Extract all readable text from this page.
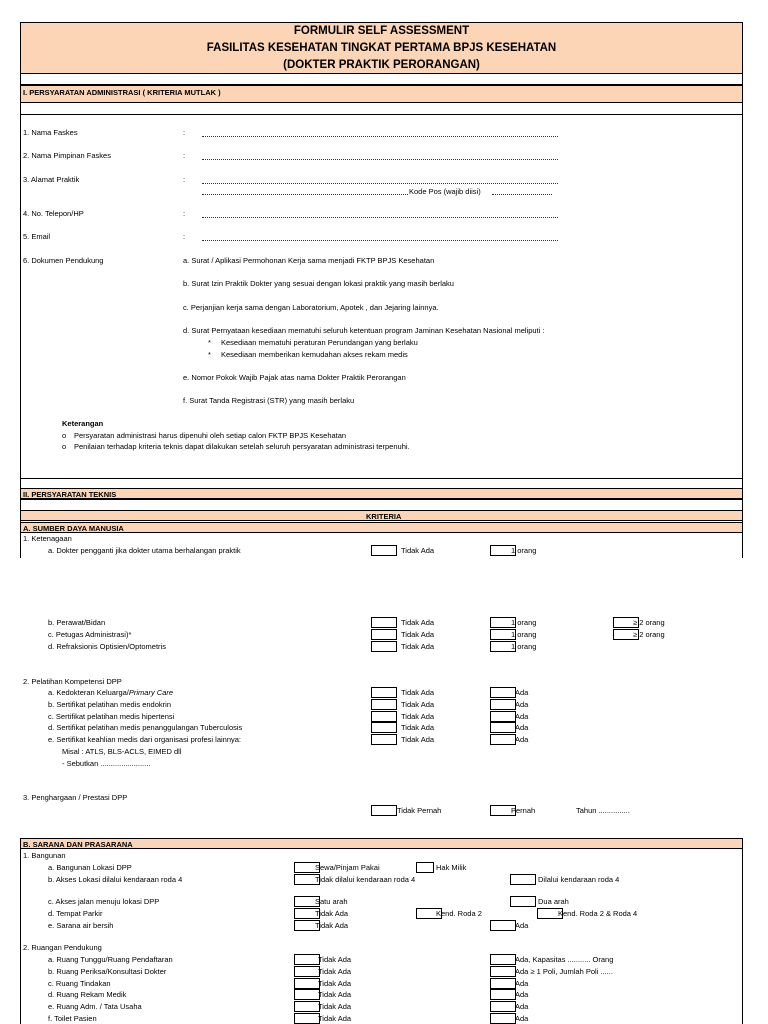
FORMULIR SELF ASSESSMENT
FASILITAS KESEHATAN TINGKAT PERTAMA BPJS KESEHATAN
(DOKTER PRAKTIK PERORANGAN)
I. PERSYARATAN ADMINISTRASI ( KRITERIA MUTLAK )
1. Nama Faskes	:
2. Nama Pimpinan Faskes	:
3. Alamat Praktik	:
Kode Pos (wajib diisi)
4. No. Telepon/HP	:
5. Email	:
6. Dokumen Pendukung	a. Surat / Aplikasi Permohonan Kerja sama menjadi FKTP BPJS Kesehatan
b. Surat Izin Praktik Dokter yang sesuai dengan lokasi praktik yang masih berlaku
c. Perjanjian kerja sama dengan Laboratorium, Apotek , dan Jejaring lainnya.
d. Surat Pernyataan kesediaan mematuhi seluruh ketentuan program Jaminan Kesehatan Nasional meliputi :
* Kesediaan mematuhi peraturan Perundangan yang berlaku
* Kesediaan memberikan kemudahan akses rekam medis
e. Nomor Pokok Wajib Pajak atas nama Dokter Praktik Perorangan
f. Surat Tanda Registrasi (STR) yang masih berlaku
Keterangan
o Persyaratan administrasi harus dipenuhi oleh setiap calon FKTP BPJS Kesehatan
o Penilaian terhadap kriteria teknis dapat dilakukan setelah seluruh persyaratan administrasi terpenuhi.
II. PERSYARATAN TEKNIS
KRITERIA
A. SUMBER DAYA MANUSIA
1. Ketenagaan
a. Dokter pengganti jika dokter utama berhalangan praktik	Tidak Ada	1 orang
b. Perawat/Bidan	Tidak Ada	1 orang	≥ 2 orang
c. Petugas Administrasi)*	Tidak Ada	1 orang	≥ 2 orang
d. Refraksionis Optisien/Optometris	Tidak Ada	1 orang
2. Pelatihan Kompetensi DPP
a. Kedokteran Keluarga/Primary Care	Tidak Ada	Ada
b. Sertifikat pelatihan medis endokrin	Tidak Ada	Ada
c. Sertifikat pelatihan medis hipertensi	Tidak Ada	Ada
d. Sertifikat pelatihan medis penanggulangan Tuberculosis	Tidak Ada	Ada
e. Sertifikat keahlian medis dari organisasi profesi lainnya:	Tidak Ada	Ada
Misal : ATLS, BLS-ACLS, EIMED dll
- Sebutkan ........................
3. Penghargaan / Prestasi DPP
Tidak Pernah	Pernah	Tahun ...............
B. SARANA DAN PRASARANA
1. Bangunan
a. Bangunan Lokasi DPP	Sewa/Pinjam Pakai	Hak Milik
b. Akses Lokasi dilalui kendaraan roda 4	Tidak dilalui kendaraan roda 4	Dilalui kendaraan roda 4
c. Akses jalan menuju lokasi DPP	Satu arah	Dua arah
d. Tempat Parkir	Tidak Ada	Kend. Roda 2	Kend. Roda 2 & Roda 4
e. Sarana air bersih	Tidak Ada	Ada
2. Ruangan Pendukung
a. Ruang Tunggu/Ruang Pendaftaran	Tidak Ada	Ada, Kapasitas ........... Orang
b. Ruang Periksa/Konsultasi Dokter	Tidak Ada	Ada ≥ 1 Poli, Jumlah Poli ......
c. Ruang Tindakan	Tidak Ada	Ada
d. Ruang Rekam Medik	Tidak Ada	Ada
e. Ruang Adm. / Tata Usaha	Tidak Ada	Ada
f. Toilet Pasien	Tidak Ada	Ada
